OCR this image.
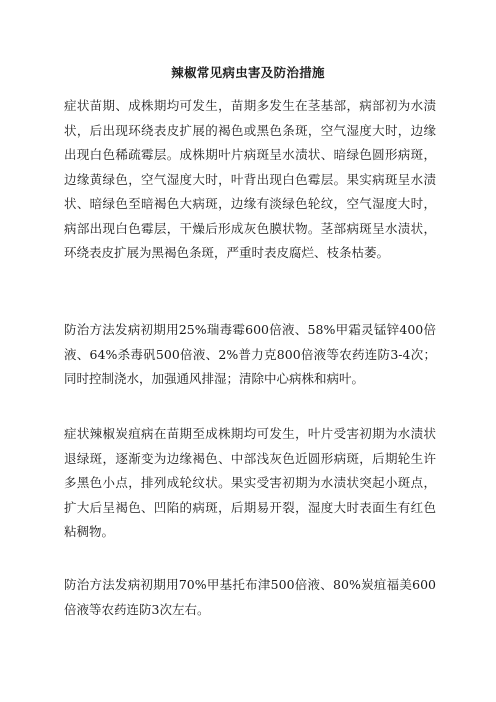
辣椒常见病虫害及防治措施

症状苗期、成株期均可发生，苗期多发生在茎基部，病部初为水渍状，后出现环绕表皮扩展的褐色或黑色条斑，空气湿度大时，边缘出现白色稀疏霉层。成株期叶片病斑呈水渍状、暗绿色圆形病斑，边缘黄绿色，空气湿度大时，叶背出现白色霉层。果实病斑呈水渍状、暗绿色至暗褐色大病斑，边缘有淡绿色轮纹，空气湿度大时，病部出现白色霉层，干燥后形成灰色膜状物。茎部病斑呈水渍状，环绕表皮扩展为黑褐色条斑，严重时表皮腐烂、枝条枯萎。

防治方法发病初期用25%瑞毒霉600倍液、58%甲霜灵锰锌400倍液、64%杀毒矾500倍液、2%普力克800倍液等农药连防3-4次；同时控制浇水，加强通风排湿；清除中心病株和病叶。

症状辣椒炭疽病在苗期至成株期均可发生，叶片受害初期为水渍状退绿斑，逐渐变为边缘褐色、中部浅灰色近圆形病斑，后期轮生许多黑色小点，排列成轮纹状。果实受害初期为水渍状突起小斑点，扩大后呈褐色、凹陷的病斑，后期易开裂，湿度大时表面生有红色粘稠物。

防治方法发病初期用70%甲基托布津500倍液、80%炭疽福美600倍液等农药连防3次左右。
